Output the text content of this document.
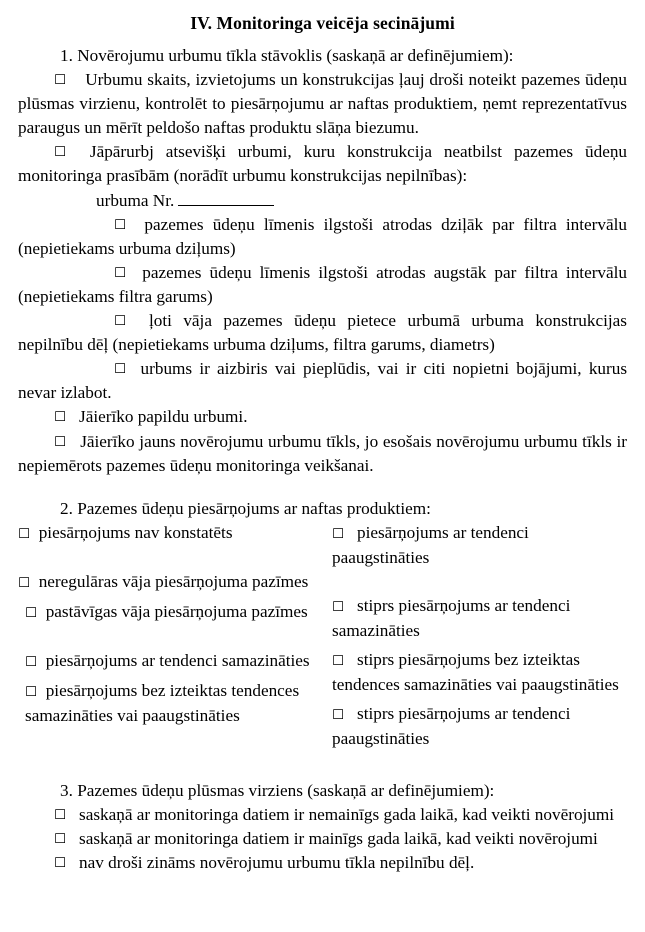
IV. Monitoringa veicēja secinājumi

1. Novērojumu urbumu tīkla stāvoklis (saskaņā ar definējumiem):

☐ Urbumu skaits, izvietojums un konstrukcijas ļauj droši noteikt pazemes ūdeņu plūsmas virzienu, kontrolēt to piesārņojumu ar naftas produktiem, ņemt reprezentatīvus paraugus un mērīt peldošo naftas produktu slāņa biezumu.

☐ Jāpārurbj atsevišķi urbumi, kuru konstrukcija neatbilst pazemes ūdeņu monitoringa prasībām (norādīt urbumu konstrukcijas nepilnības):

urbuma Nr.

☐ pazemes ūdeņu līmenis ilgstoši atrodas dziļāk par filtra intervālu (nepietiekams urbuma dziļums)

☐ pazemes ūdeņu līmenis ilgstoši atrodas augstāk par filtra intervālu (nepietiekams filtra garums)

☐ ļoti vāja pazemes ūdeņu pietece urbumā urbuma konstrukcijas nepilnību dēļ (nepietiekams urbuma dziļums, filtra garums, diametrs)

☐ urbums ir aizbiris vai pieplūdis, vai ir citi nopietni bojājumi, kurus nevar izlabot.

☐ Jāierīko papildu urbumi.

☐ Jāierīko jauns novērojumu urbumu tīkls, jo esošais novērojumu urbumu tīkls ir nepiemērots pazemes ūdeņu monitoringa veikšanai.

2. Pazemes ūdeņu piesārņojums ar naftas produktiem:

☐ piesārņojums nav konstatēts

☐ neregulāras vāja piesārņojuma pazīmes

☐ pastāvīgas vāja piesārņojuma pazīmes

☐ piesārņojums ar tendenci samazināties

☐ piesārņojums bez izteiktas tendences samazināties vai paaugstināties

☐ piesārņojums ar tendenci paaugstināties

☐ stiprs piesārņojums ar tendenci samazināties

☐ stiprs piesārņojums bez izteiktas tendences samazināties vai paaugstināties

☐ stiprs piesārņojums ar tendenci paaugstināties

3. Pazemes ūdeņu plūsmas virziens (saskaņā ar definējumiem):

☐ saskaņā ar monitoringa datiem ir nemainīgs gada laikā, kad veikti novērojumi

☐ saskaņā ar monitoringa datiem ir mainīgs gada laikā, kad veikti novērojumi

☐ nav droši zināms novērojumu urbumu tīkla nepilnību dēļ.
